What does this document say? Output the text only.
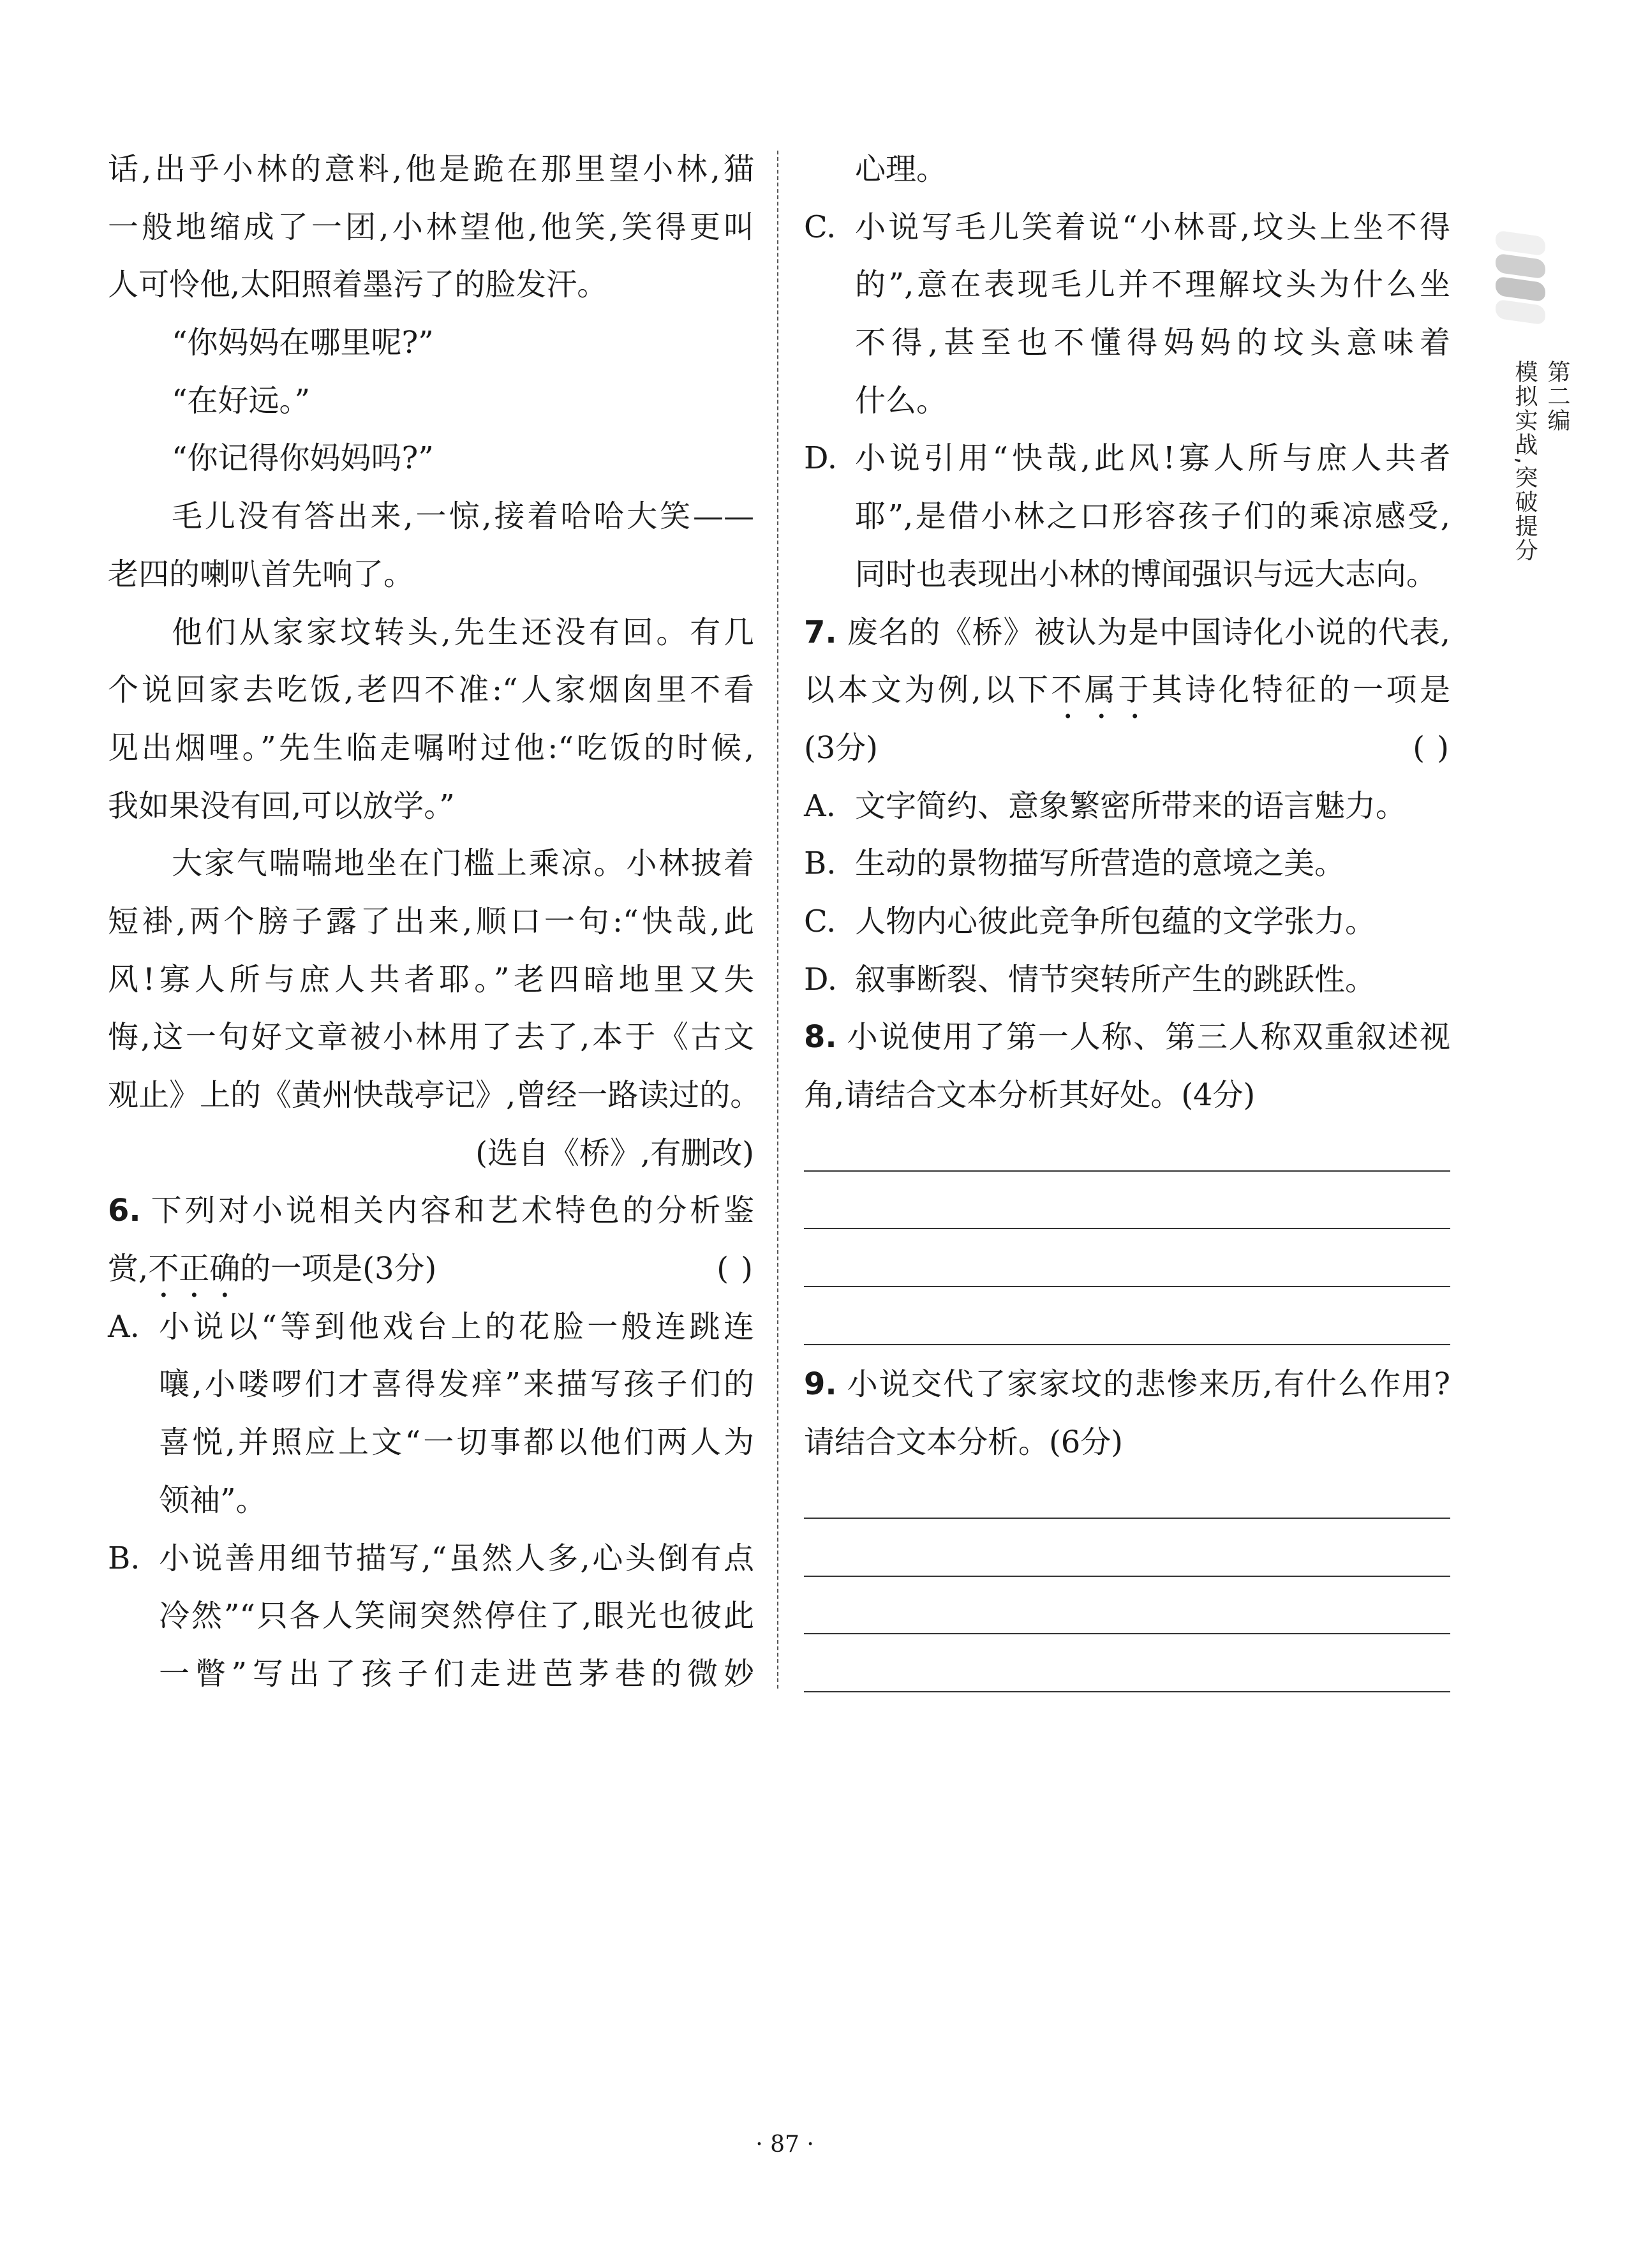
话,出乎小林的意料,他是跪在那里望小林,猫
一般地缩成了一团,小林望他,他笑,笑得更叫
人可怜他,太阳照着墨污了的脸发汗。
“你妈妈在哪里呢?”
“在好远。”
“你记得你妈妈吗?”
毛儿没有答出来,一惊,接着哈哈大笑——
老四的喇叭首先响了。
他们从家家坟转头,先生还没有回。有几
个说回家去吃饭,老四不准:“人家烟囱里不看
见出烟哩。”先生临走嘱咐过他:“吃饭的时候,
我如果没有回,可以放学。”
大家气喘喘地坐在门槛上乘凉。小林披着
短褂,两个膀子露了出来,顺口一句:“快哉,此
风!寡人所与庶人共者耶。”老四暗地里又失
悔,这一句好文章被小林用了去了,本于《古文
观止》上的《黄州快哉亭记》,曾经一路读过的。
(选自《桥》,有删改)
6. 下列对小说相关内容和艺术特色的分析鉴
赏,不正确的一项是(3分)	( )
A. 小说以“等到他戏台上的花脸一般连跳连
嚷,小喽啰们才喜得发痒”来描写孩子们的
喜悦,并照应上文“一切事都以他们两人为
领袖”。
B. 小说善用细节描写,“虽然人多,心头倒有点
冷然”“只各人笑闹突然停住了,眼光也彼此
一瞥”写出了孩子们走进芭茅巷的微妙
心理。
C. 小说写毛儿笑着说“小林哥,坟头上坐不得
的”,意在表现毛儿并不理解坟头为什么坐
不得,甚至也不懂得妈妈的坟头意味着
什么。
D. 小说引用“快哉,此风!寡人所与庶人共者
耶”,是借小林之口形容孩子们的乘凉感受,
同时也表现出小林的博闻强识与远大志向。
7. 废名的《桥》被认为是中国诗化小说的代表,
以本文为例,以下不属于其诗化特征的一项是
(3分)	( )
A. 文字简约、意象繁密所带来的语言魅力。
B. 生动的景物描写所营造的意境之美。
C. 人物内心彼此竞争所包蕴的文学张力。
D. 叙事断裂、情节突转所产生的跳跃性。
8. 小说使用了第一人称、第三人称双重叙述视
角,请结合文本分析其好处。(4分)
9. 小说交代了家家坟的悲惨来历,有什么作用?
请结合文本分析。(6分)
第二编
模拟实战,突破提分
· 87 ·
